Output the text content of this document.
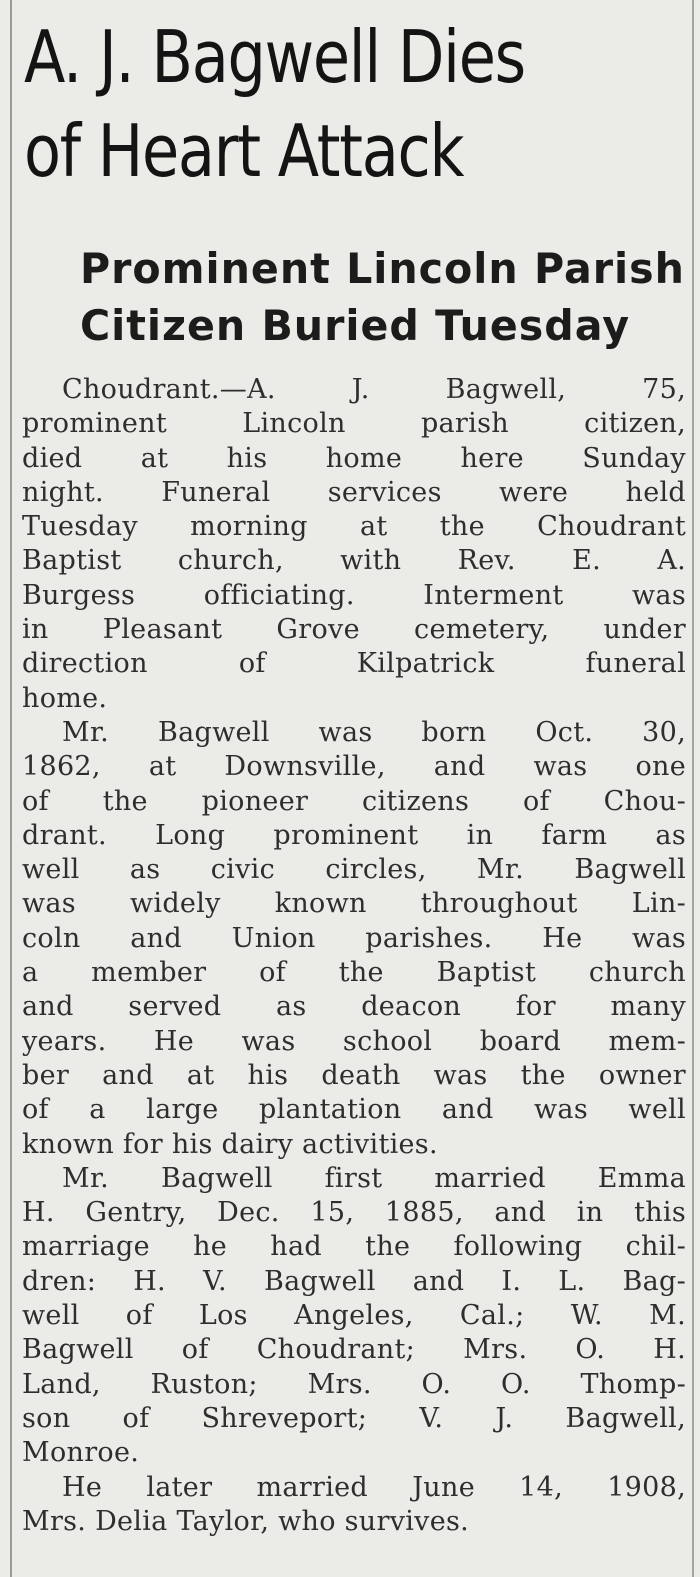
A. J. Bagwell Dies
of Heart Attack
Prominent Lincoln Parish
Citizen Buried Tuesday
Choudrant.—A. J. Bagwell, 75,
prominent Lincoln parish citizen,
died at his home here Sunday
night. Funeral services were held
Tuesday morning at the Choudrant
Baptist church, with Rev. E. A.
Burgess officiating. Interment was
in Pleasant Grove cemetery, under
direction of Kilpatrick funeral
home.
Mr. Bagwell was born Oct. 30,
1862, at Downsville, and was one
of the pioneer citizens of Chou-
drant. Long prominent in farm as
well as civic circles, Mr. Bagwell
was widely known throughout Lin-
coln and Union parishes. He was
a member of the Baptist church
and served as deacon for many
years. He was school board mem-
ber and at his death was the owner
of a large plantation and was well
known for his dairy activities.
Mr. Bagwell first married Emma
H. Gentry, Dec. 15, 1885, and in this
marriage he had the following chil-
dren: H. V. Bagwell and I. L. Bag-
well of Los Angeles, Cal.; W. M.
Bagwell of Choudrant; Mrs. O. H.
Land, Ruston; Mrs. O. O. Thomp-
son of Shreveport; V. J. Bagwell,
Monroe.
He later married June 14, 1908,
Mrs. Delia Taylor, who survives.
